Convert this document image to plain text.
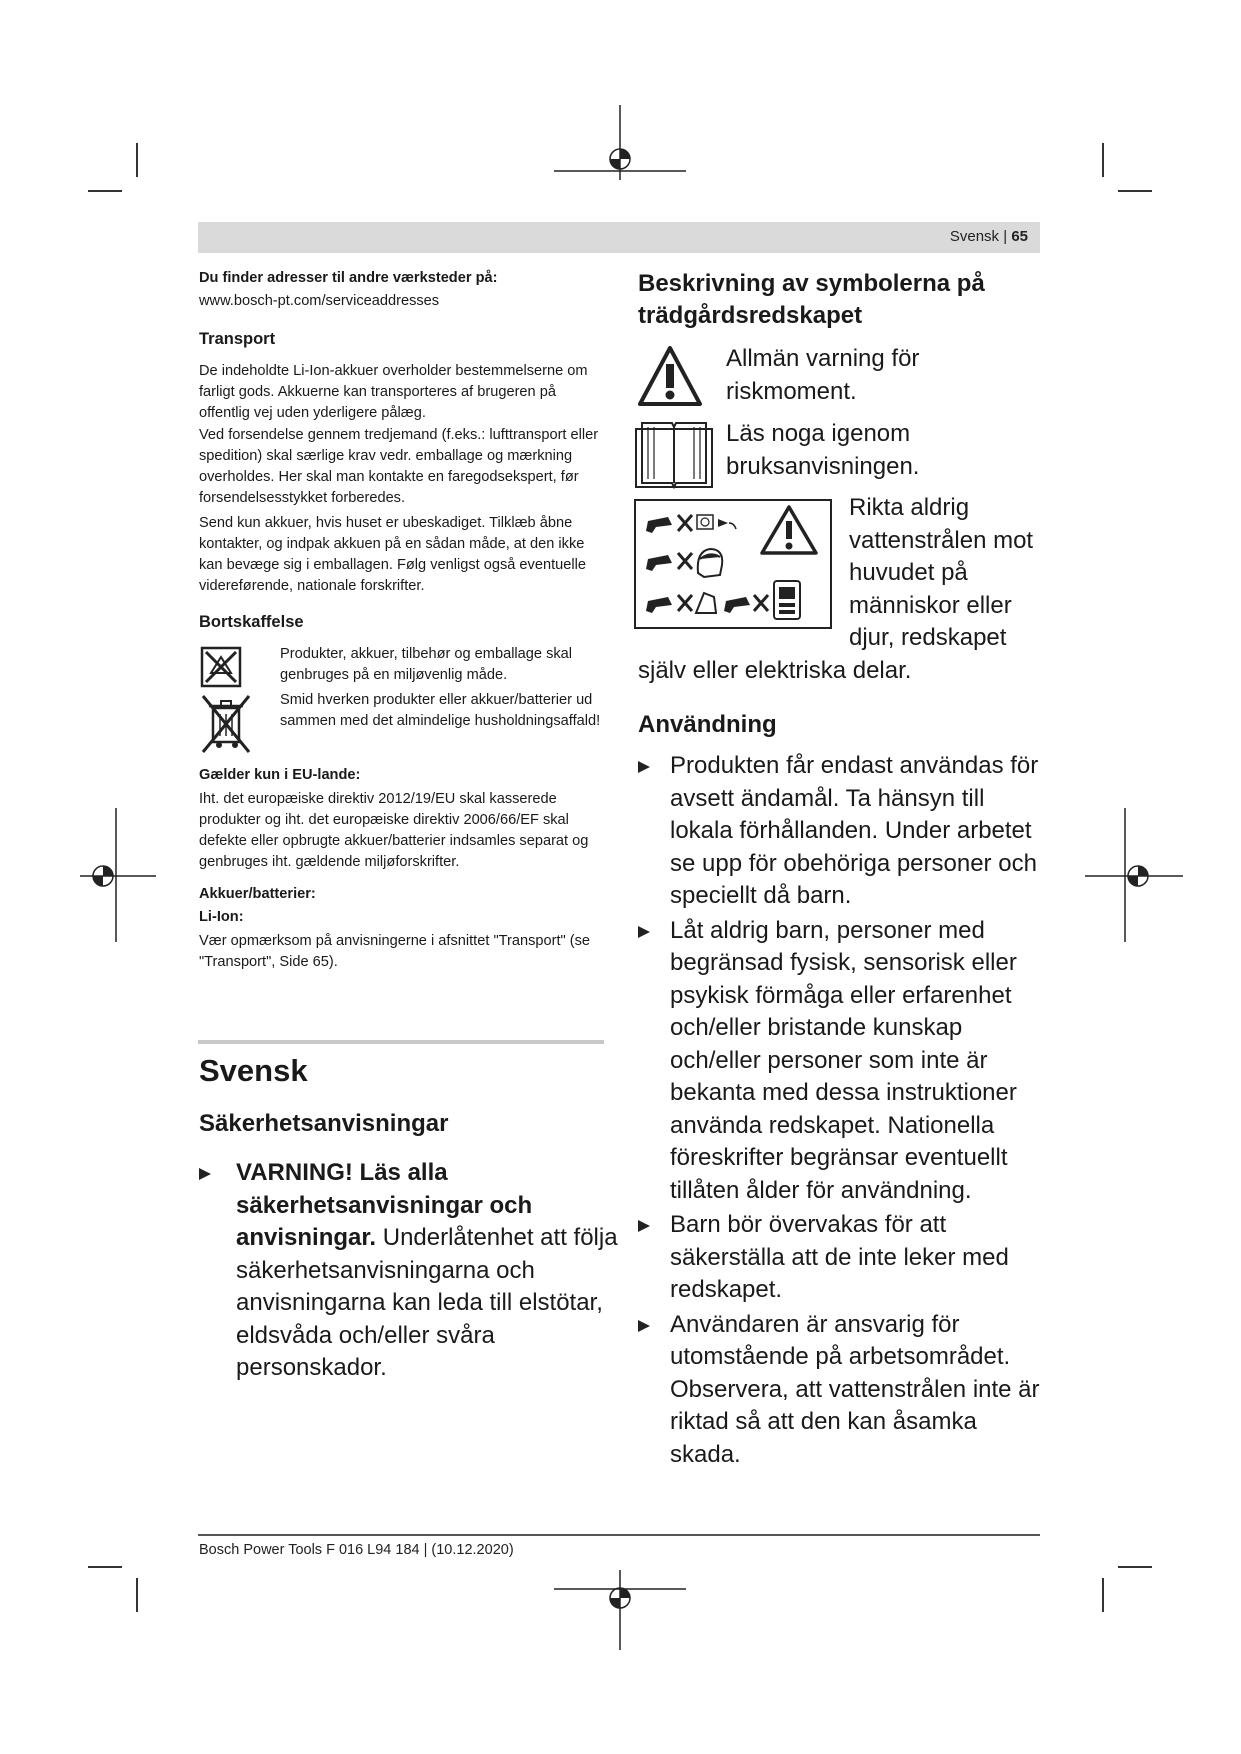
Svensk | 65

Du finder adresser til andre værksteder på:

www.bosch-pt.com/serviceaddresses

Transport

De indeholdte Li-Ion-akkuer overholder bestemmelserne om farligt gods. Akkuerne kan transporteres af brugeren på offentlig vej uden yderligere pålæg.

Ved forsendelse gennem tredjemand (f.eks.: lufttransport eller spedition) skal særlige krav vedr. emballage og mærkning overholdes. Her skal man kontakte en faregodsekspert, før forsendelsesstykket forberedes.

Send kun akkuer, hvis huset er ubeskadiget. Tilklæb åbne kontakter, og indpak akkuen på en sådan måde, at den ikke kan bevæge sig i emballagen. Følg venligst også eventuelle videreførende, nationale forskrifter.

Bortskaffelse

Produkter, akkuer, tilbehør og emballage skal genbruges på en miljøvenlig måde.

Smid hverken produkter eller akkuer/batterier ud sammen med det almindelige husholdningsaffald!

Gælder kun i EU-lande:

Iht. det europæiske direktiv 2012/19/EU skal kasserede produkter og iht. det europæiske direktiv 2006/66/EF skal defekte eller opbrugte akkuer/batterier indsamles separat og genbruges iht. gældende miljøforskrifter.

Akkuer/batterier:

Li-Ion:

Vær opmærksom på anvisningerne i afsnittet "Transport" (se "Transport", Side 65).

Svensk

Säkerhetsanvisningar

VARNING! Läs alla säkerhetsanvisningar och anvisningar. Underlåtenhet att följa säkerhetsanvisningarna och anvisningarna kan leda till elstötar, eldsvåda och/eller svåra personskador.

Beskrivning av symbolerna på trädgårdsredskapet

Allmän varning för riskmoment.

Läs noga igenom bruksanvisningen.

Rikta aldrig vattenstrålen mot huvudet på människor eller djur, redskapet själv eller elektriska delar.

Användning

Produkten får endast användas för avsett ändamål. Ta hänsyn till lokala förhållanden. Under arbetet se upp för obehöriga personer och speciellt då barn.
Låt aldrig barn, personer med begränsad fysisk, sensorisk eller psykisk förmåga eller erfarenhet och/eller bristande kunskap och/eller personer som inte är bekanta med dessa instruktioner använda redskapet. Nationella föreskrifter begränsar eventuellt tillåten ålder för användning.
Barn bör övervakas för att säkerställa att de inte leker med redskapet.
Användaren är ansvarig för utomstående på arbetsområdet. Observera, att vattenstrålen inte är riktad så att den kan åsamka skada.
Bosch Power Tools F 016 L94 184 | (10.12.2020)
